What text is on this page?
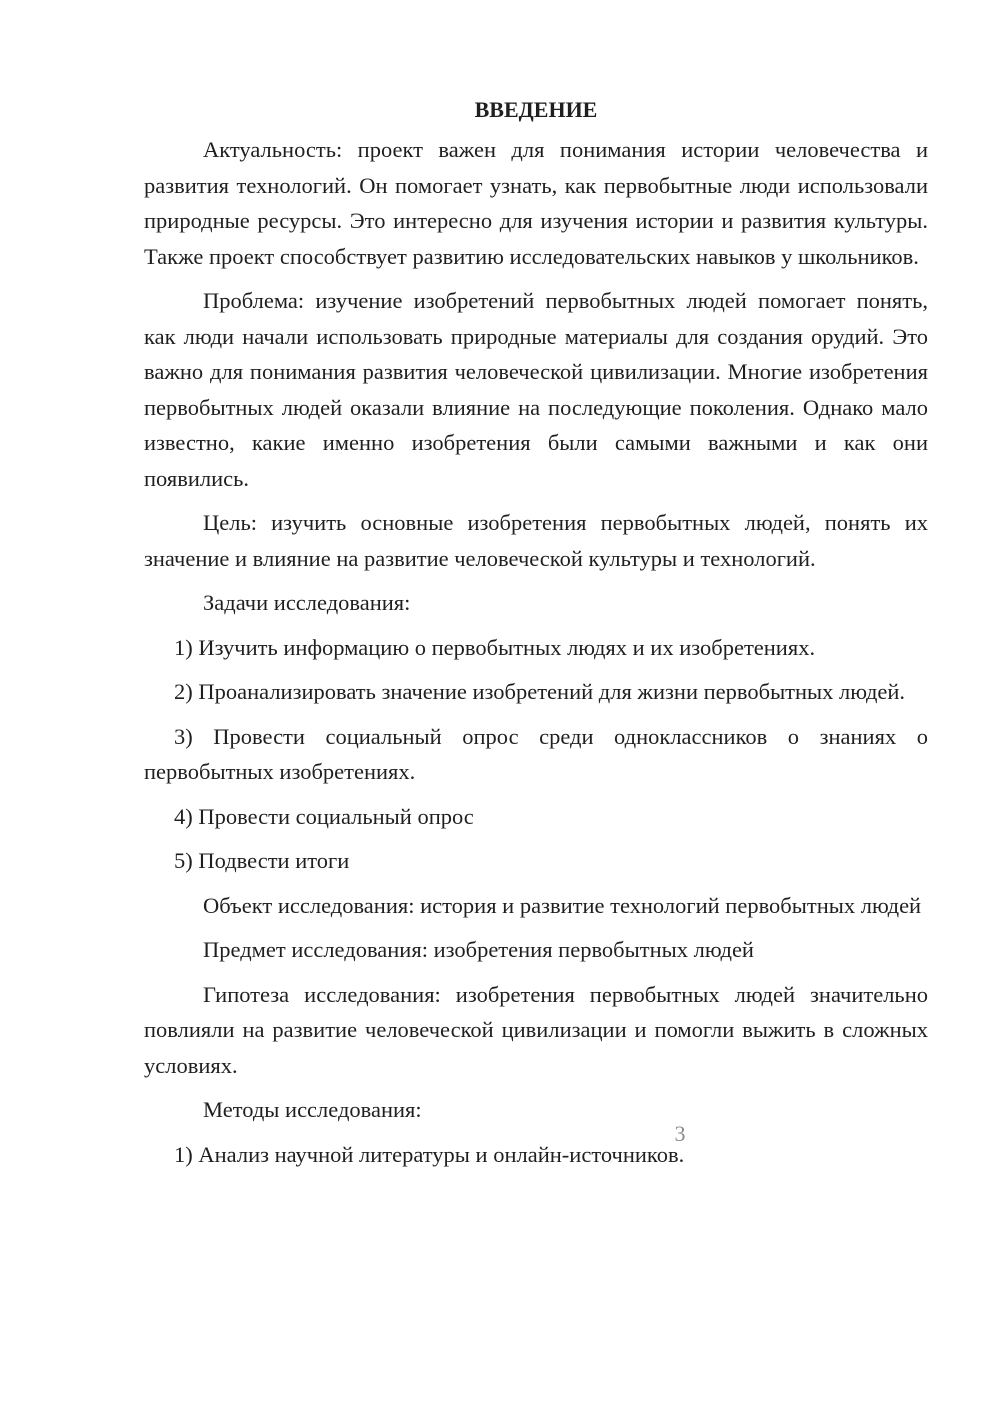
ВВЕДЕНИЕ

Актуальность: проект важен для понимания истории человечества и развития технологий. Он помогает узнать, как первобытные люди использовали природные ресурсы. Это интересно для изучения истории и развития культуры. Также проект способствует развитию исследовательских навыков у школьников.

Проблема: изучение изобретений первобытных людей помогает понять, как люди начали использовать природные материалы для создания орудий. Это важно для понимания развития человеческой цивилизации. Многие изобретения первобытных людей оказали влияние на последующие поколения. Однако мало известно, какие именно изобретения были самыми важными и как они появились.

Цель: изучить основные изобретения первобытных людей, понять их значение и влияние на развитие человеческой культуры и технологий.

Задачи исследования:

1) Изучить информацию о первобытных людях и их изобретениях.

2) Проанализировать значение изобретений для жизни первобытных людей.

3) Провести социальный опрос среди одноклассников о знаниях о первобытных изобретениях.

4) Провести социальный опрос

5) Подвести итоги

Объект исследования: история и развитие технологий первобытных людей

Предмет исследования: изобретения первобытных людей

Гипотеза исследования: изобретения первобытных людей значительно повлияли на развитие человеческой цивилизации и помогли выжить в сложных условиях.

Методы исследования:

1) Анализ научной литературы и онлайн-источников.

3
